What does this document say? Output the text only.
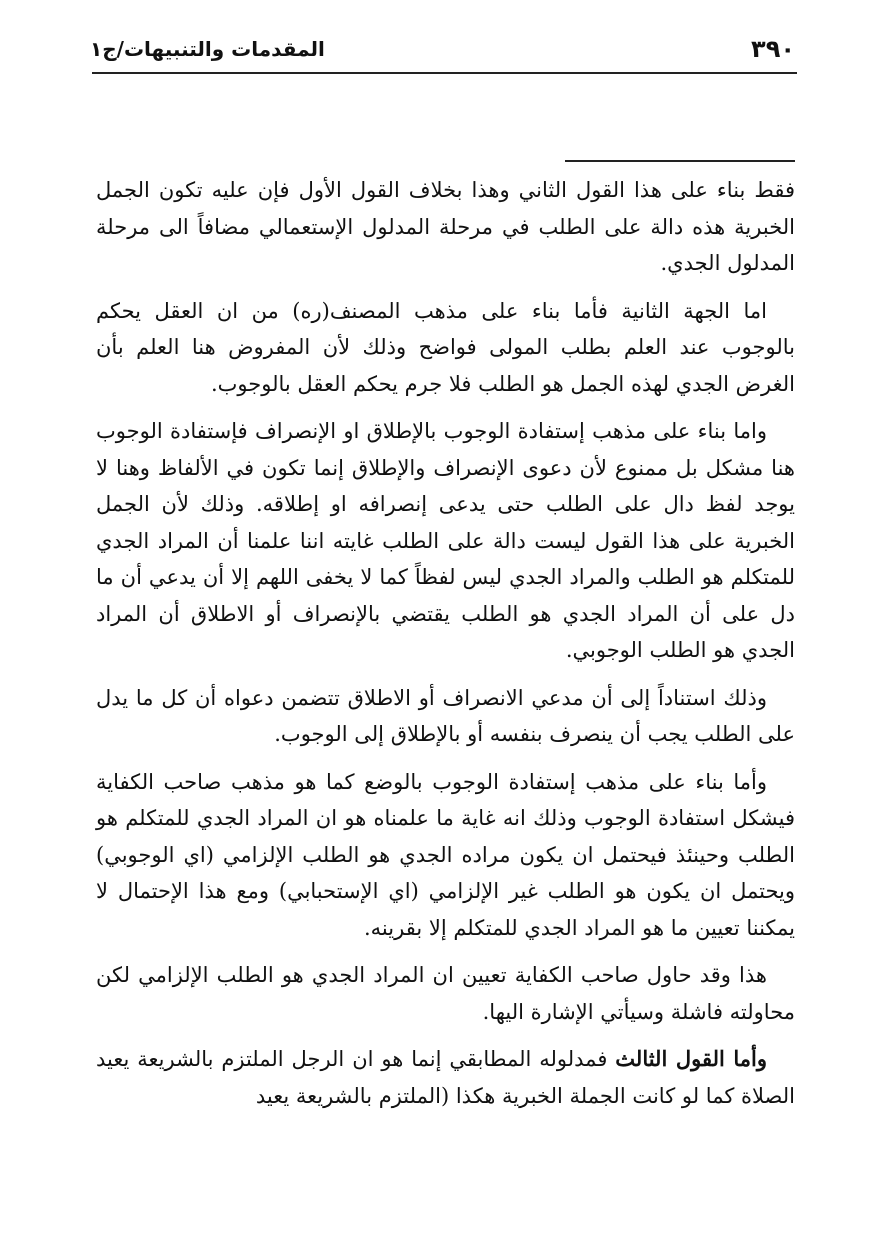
٣٩٠
المقدمات والتنبيهات/ج١

فقط بناء على هذا القول الثاني وهذا بخلاف القول الأول فإن عليه تكون الجمل الخبرية هذه دالة على الطلب في مرحلة المدلول الإستعمالي مضافاً الى مرحلة المدلول الجدي.

اما الجهة الثانية فأما بناء على مذهب المصنف(ره) من ان العقل يحكم بالوجوب عند العلم بطلب المولى فواضح وذلك لأن المفروض هنا العلم بأن الغرض الجدي لهذه الجمل هو الطلب فلا جرم يحكم العقل بالوجوب.

واما بناء على مذهب إستفادة الوجوب بالإطلاق او الإنصراف فإستفادة الوجوب هنا مشكل بل ممنوع لأن دعوى الإنصراف والإطلاق إنما تكون في الألفاظ وهنا لا يوجد لفظ دال على الطلب حتى يدعى إنصرافه او إطلاقه. وذلك لأن الجمل الخبرية على هذا القول ليست دالة على الطلب غايته اننا علمنا أن المراد الجدي للمتكلم هو الطلب والمراد الجدي ليس لفظاً كما لا يخفى اللهم إلا أن يدعي أن ما دل على أن المراد الجدي هو الطلب يقتضي بالإنصراف أو الاطلاق أن المراد الجدي هو الطلب الوجوبي.

وذلك استناداً إلى أن مدعي الانصراف أو الاطلاق تتضمن دعواه أن كل ما يدل على الطلب يجب أن ينصرف بنفسه أو بالإطلاق إلى الوجوب.

وأما بناء على مذهب إستفادة الوجوب بالوضع كما هو مذهب صاحب الكفاية فيشكل استفادة الوجوب وذلك انه غاية ما علمناه هو ان المراد الجدي للمتكلم هو الطلب وحينئذ فيحتمل ان يكون مراده الجدي هو الطلب الإلزامي (اي الوجوبي) ويحتمل ان يكون هو الطلب غير الإلزامي (اي الإستحبابي) ومع هذا الإحتمال لا يمكننا تعيين ما هو المراد الجدي للمتكلم إلا بقرينه.

هذا وقد حاول صاحب الكفاية تعيين ان المراد الجدي هو الطلب الإلزامي لكن محاولته فاشلة وسيأتي الإشارة اليها.

وأما القول الثالث فمدلوله المطابقي إنما هو ان الرجل الملتزم بالشريعة يعيد الصلاة كما لو كانت الجملة الخبرية هكذا (الملتزم بالشريعة يعيد
